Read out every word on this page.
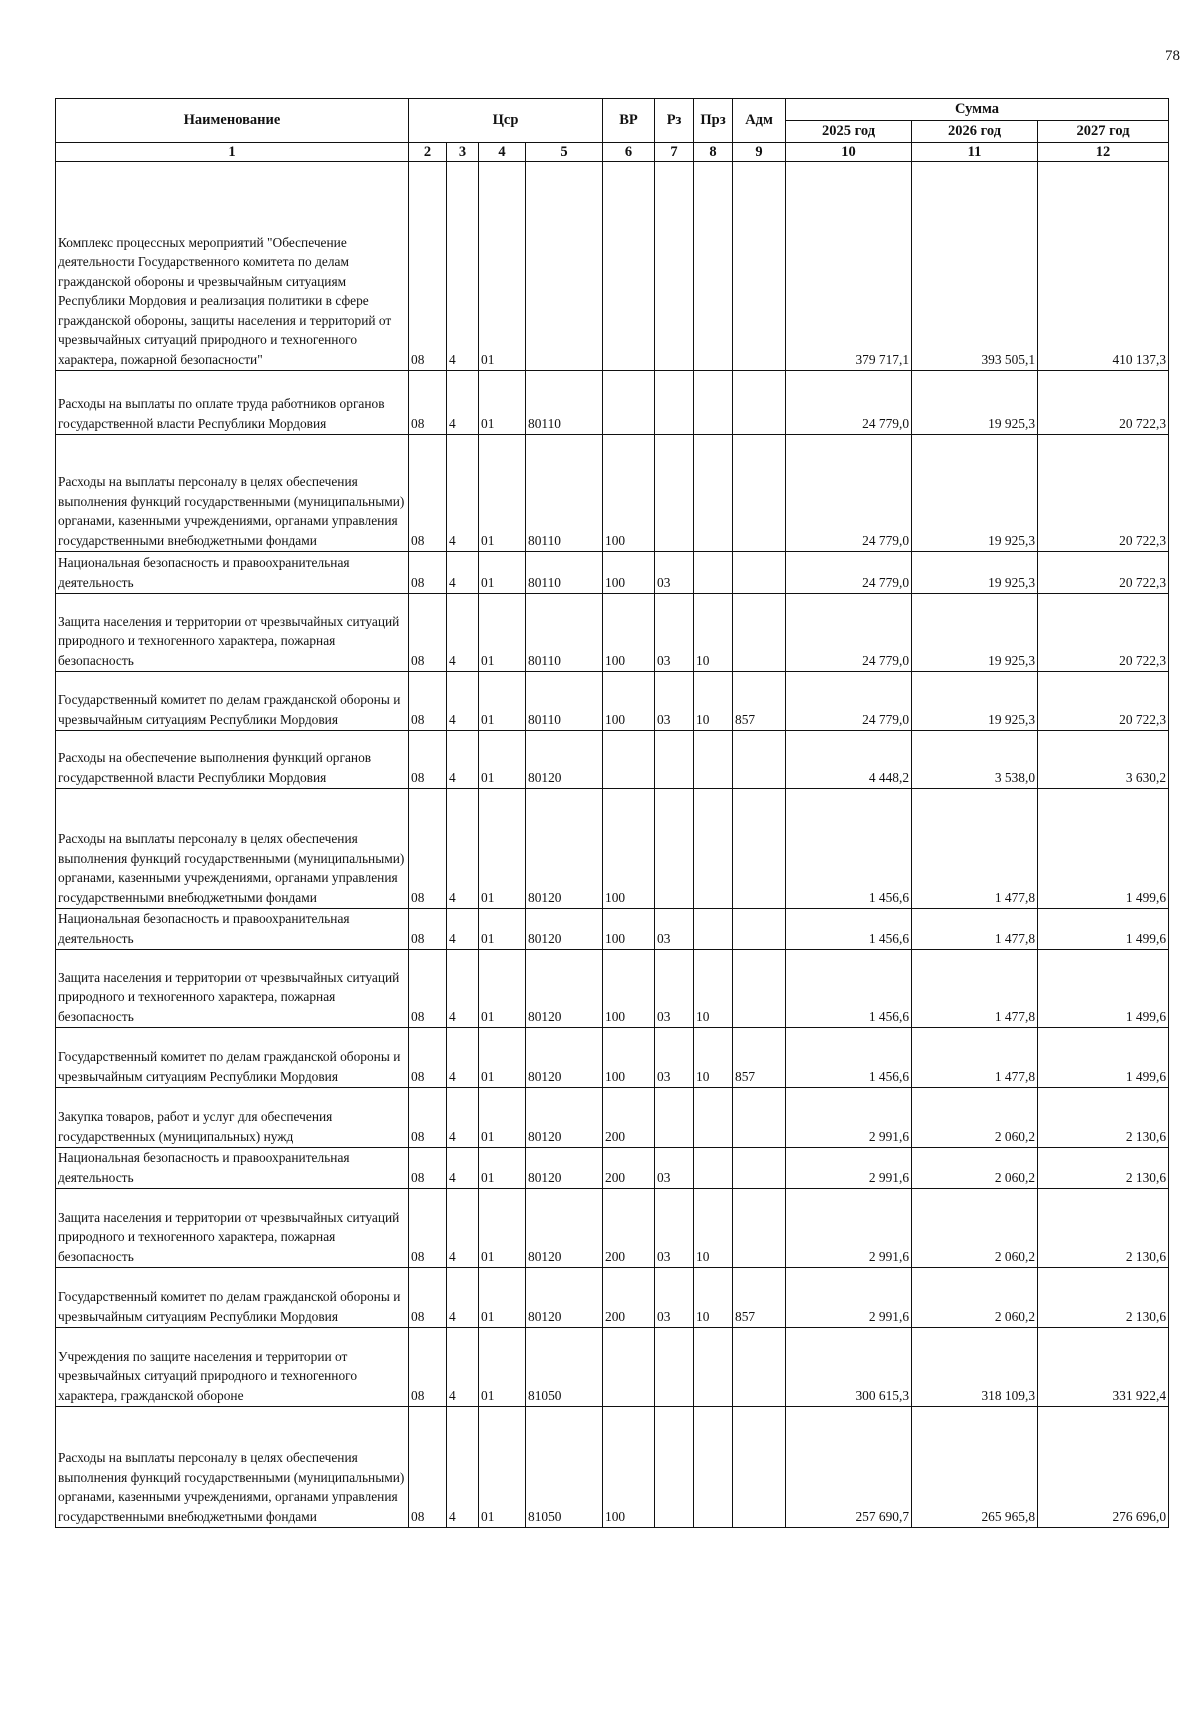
78
Наименование	Цср				ВР	Рз	Прз	Адм	Сумма		
									2025 год	2026 год	2027 год
1	2	3	4	5	6	7	8	9	10	11	12
Комплекс процессных мероприятий "Обеспечение деятельности Государственного комитета по делам гражданской обороны и чрезвычайным ситуациям Республики Мордовия и реализация политики в сфере гражданской обороны, защиты населения и территорий от чрезвычайных ситуаций природного и техногенного характера, пожарной безопасности"	08	4	01						379 717,1	393 505,1	410 137,3
Расходы на выплаты по оплате труда работников органов государственной власти Республики Мордовия	08	4	01	80110					24 779,0	19 925,3	20 722,3
Расходы на выплаты персоналу в целях обеспечения выполнения функций государственными (муниципальными) органами, казенными учреждениями, органами управления государственными внебюджетными фондами	08	4	01	80110	100				24 779,0	19 925,3	20 722,3
Национальная безопасность и правоохранительная деятельность	08	4	01	80110	100	03			24 779,0	19 925,3	20 722,3
Защита населения и территории от чрезвычайных ситуаций природного и техногенного характера, пожарная безопасность	08	4	01	80110	100	03	10		24 779,0	19 925,3	20 722,3
Государственный комитет по делам гражданской обороны и чрезвычайным ситуациям Республики Мордовия	08	4	01	80110	100	03	10	857	24 779,0	19 925,3	20 722,3
Расходы на обеспечение выполнения функций органов государственной власти Республики Мордовия	08	4	01	80120					4 448,2	3 538,0	3 630,2
Расходы на выплаты персоналу в целях обеспечения выполнения функций государственными (муниципальными) органами, казенными учреждениями, органами управления государственными внебюджетными фондами	08	4	01	80120	100				1 456,6	1 477,8	1 499,6
Национальная безопасность и правоохранительная деятельность	08	4	01	80120	100	03			1 456,6	1 477,8	1 499,6
Защита населения и территории от чрезвычайных ситуаций природного и техногенного характера, пожарная безопасность	08	4	01	80120	100	03	10		1 456,6	1 477,8	1 499,6
Государственный комитет по делам гражданской обороны и чрезвычайным ситуациям Республики Мордовия	08	4	01	80120	100	03	10	857	1 456,6	1 477,8	1 499,6
Закупка товаров, работ и услуг для обеспечения государственных (муниципальных) нужд	08	4	01	80120	200				2 991,6	2 060,2	2 130,6
Национальная безопасность и правоохранительная деятельность	08	4	01	80120	200	03			2 991,6	2 060,2	2 130,6
Защита населения и территории от чрезвычайных ситуаций природного и техногенного характера, пожарная безопасность	08	4	01	80120	200	03	10		2 991,6	2 060,2	2 130,6
Государственный комитет по делам гражданской обороны и чрезвычайным ситуациям Республики Мордовия	08	4	01	80120	200	03	10	857	2 991,6	2 060,2	2 130,6
Учреждения по защите населения и территории от чрезвычайных ситуаций природного и техногенного характера, гражданской обороне	08	4	01	81050					300 615,3	318 109,3	331 922,4
Расходы на выплаты персоналу в целях обеспечения выполнения функций государственными (муниципальными) органами, казенными учреждениями, органами управления государственными внебюджетными фондами	08	4	01	81050	100				257 690,7	265 965,8	276 696,0
